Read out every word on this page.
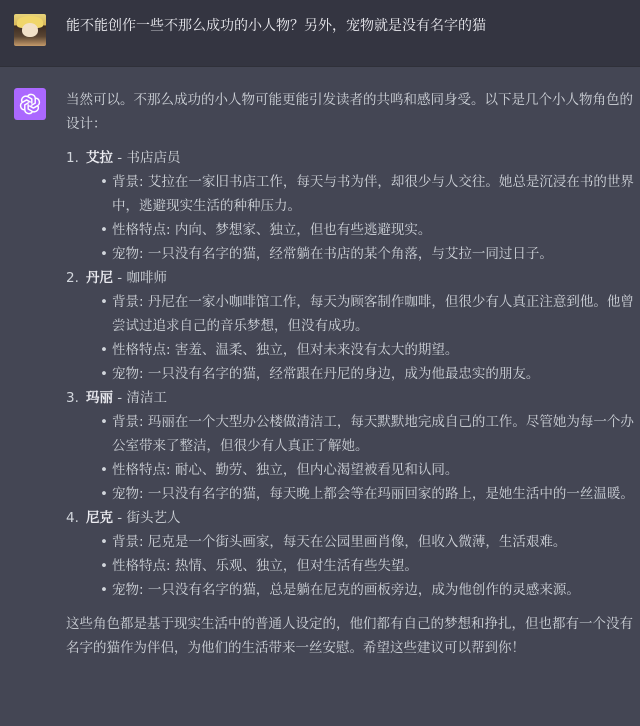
能不能创作一些不那么成功的小人物？另外，宠物就是没有名字的猫

当然可以。不那么成功的小人物可能更能引发读者的共鸣和感同身受。以下是几个小人物角色的设计：

1. 艾拉 - 书店店员
• 背景: 艾拉在一家旧书店工作，每天与书为伴，却很少与人交往。她总是沉浸在书的世界中，逃避现实生活的种种压力。
• 性格特点: 内向、梦想家、独立，但也有些逃避现实。
• 宠物: 一只没有名字的猫，经常躺在书店的某个角落，与艾拉一同过日子。
2. 丹尼 - 咖啡师
• 背景: 丹尼在一家小咖啡馆工作，每天为顾客制作咖啡，但很少有人真正注意到他。他曾尝试过追求自己的音乐梦想，但没有成功。
• 性格特点: 害羞、温柔、独立，但对未来没有太大的期望。
• 宠物: 一只没有名字的猫，经常跟在丹尼的身边，成为他最忠实的朋友。
3. 玛丽 - 清洁工
• 背景: 玛丽在一个大型办公楼做清洁工，每天默默地完成自己的工作。尽管她为每一个办公室带来了整洁，但很少有人真正了解她。
• 性格特点: 耐心、勤劳、独立，但内心渴望被看见和认同。
• 宠物: 一只没有名字的猫，每天晚上都会等在玛丽回家的路上，是她生活中的一丝温暖。
4. 尼克 - 街头艺人
• 背景: 尼克是一个街头画家，每天在公园里画肖像，但收入微薄，生活艰难。
• 性格特点: 热情、乐观、独立，但对生活有些失望。
• 宠物: 一只没有名字的猫，总是躺在尼克的画板旁边，成为他创作的灵感来源。

这些角色都是基于现实生活中的普通人设定的，他们都有自己的梦想和挣扎，但也都有一个没有名字的猫作为伴侣，为他们的生活带来一丝安慰。希望这些建议可以帮到你！
